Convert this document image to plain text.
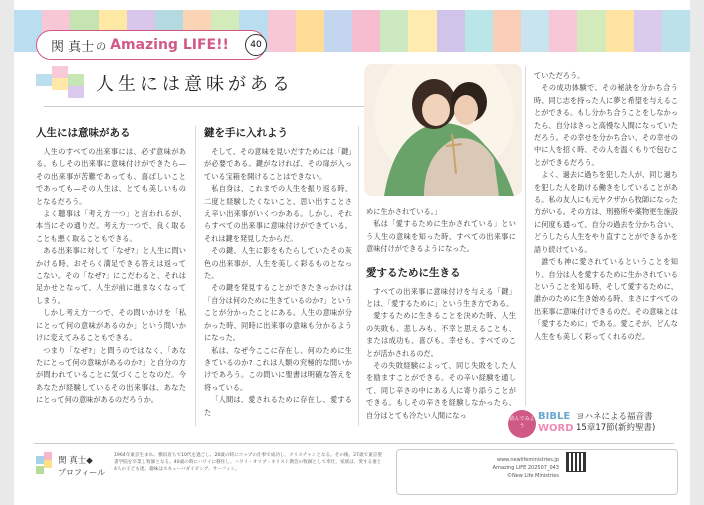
関 真士 の Amazing LIFE!!	40
人生には意味がある
人生には意味がある

人生のすべての出来事には、必ず意味がある。もしその出来事に意味付けができたら—その出来事が苦難であっても、喜ばしいことであっても—その人生は、とても美しいものとなるだろう。

よく聴事は「考え方一つ」と言われるが、本当にその通りだ。考え方一つで、良く取ることも悪く取ることもできる。

ある出来事に対して「なぜ?」と人生に問いかける時、おそらく満足できる答えは返ってこない。その「なぜ?」にこだわると、それは足かせとなって、人生が前に進まなくなってしまう。

しかし考え方一つで、その問いかけを「私にとって何の意味があるのか」という問いかけに変えてみることもできる。

つまり「なぜ?」と問うのではなく、「あなたにとって何の意味があるのか?」と自分の方が問われていることに気づくことなのだ。今あなたが経験しているその出来事は、あなたにとって何の意味があるのだろうか。

鍵を手に入れよう

そして、その意味を見いだすためには「鍵」が必要である。鍵がなければ、その扉が入っている宝箱を開けることはできない。

私自身は、これまでの人生を振り返る時、二度と経験したくないこと、思い出すことさえ辛い出来事がいくつかある。しかし、それらすべての出来事に意味付けができている。それは鍵を発見したからだ。

その鍵、人生に影をもたらしていたその灰色の出来事が、人生を美しく彩るものとなった。

その鍵を発見することができたきっかけは「自分は何のために生きているのか?」ということが分かったことにある。人生の意味が分かった時、同時に出来事の意味も分かるようになった。

私は、なぜ今ここに存在し、何のために生きているのか? これは人類の究極的な問いかけであろう。この問いに聖書は明確な答えを将っている。

「人間は、愛されるために存在し、愛するた

めに生かされている。」

私は「愛するために生かされている」という人生の意味を知った時、すべての出来事に意味付けができるようになった。

愛するために生きる

すべての出来事に意味付けを与える「鍵」とは、「愛するために」という生き方である。

愛するために生きることを決めた時、人生の失敗も、悲しみも、不幸と思えることも、または成功も、喜びも、幸せも、すべてのことが活かされるのだ。

その失敗経験によって、同じ失敗をした人を励ますことができる。その辛い経験を通して、同じ辛さの中にある人に寄り添うことができる。もしその辛さを経験しなかったら、自分はとても冷たい人間になっ

ていただろう。

その成功体験で、その秘訣を分かち合う時、同じ志を持った人に夢と希望を与えることができる。もし分かち合うことをしなかったら、自分はきっと高慢な人間になっていただろう。その幸せを分かち合い、その幸せの中に人を招く時、その人を温くもりで包むことができるだろう。

よく、過去に過ちを犯した人が、同じ過ちを犯した人を助ける働きをしていることがある。私の友人にも元ヤクザから牧師になった方がいる。その方は、刑務所や薬物更生施設に何度も通って、自分の過去を分かち合い、どうしたら人生をやり直すことができるかを語り続けている。

誰でも神に愛されているということを知り、自分は人を愛するために生かされているということを知る時、そして愛するために、誰かのために生き始める時、まさにすべての出来事に意味付けできるのだ。その意味とは「愛するために」である。愛こそが、どんな人生をも美しく彩ってくれるのだ。

読んでみよう
BIBLE
WORD
ヨハネによる福音書
15章17節(新約聖書)
関 真士◆
プロフィール
1964年東京生まれ。横浜育ちで10代を過ごし、20歳の時にコップの仕事で成功し、クリスチャンとなる。その後、27歳で東京聖書学院を卒業し牧師となる。40歳の時にハワイに移住し、ハワイ・オリブ・キリスト教会の牧師として奉仕。家族は、愛する妻と4人の子ども達。趣味はスキューバダイビング、サーフィン。
www.newlifeministries.jp
Amazing LIFE 202507_043
©New Life Ministries
